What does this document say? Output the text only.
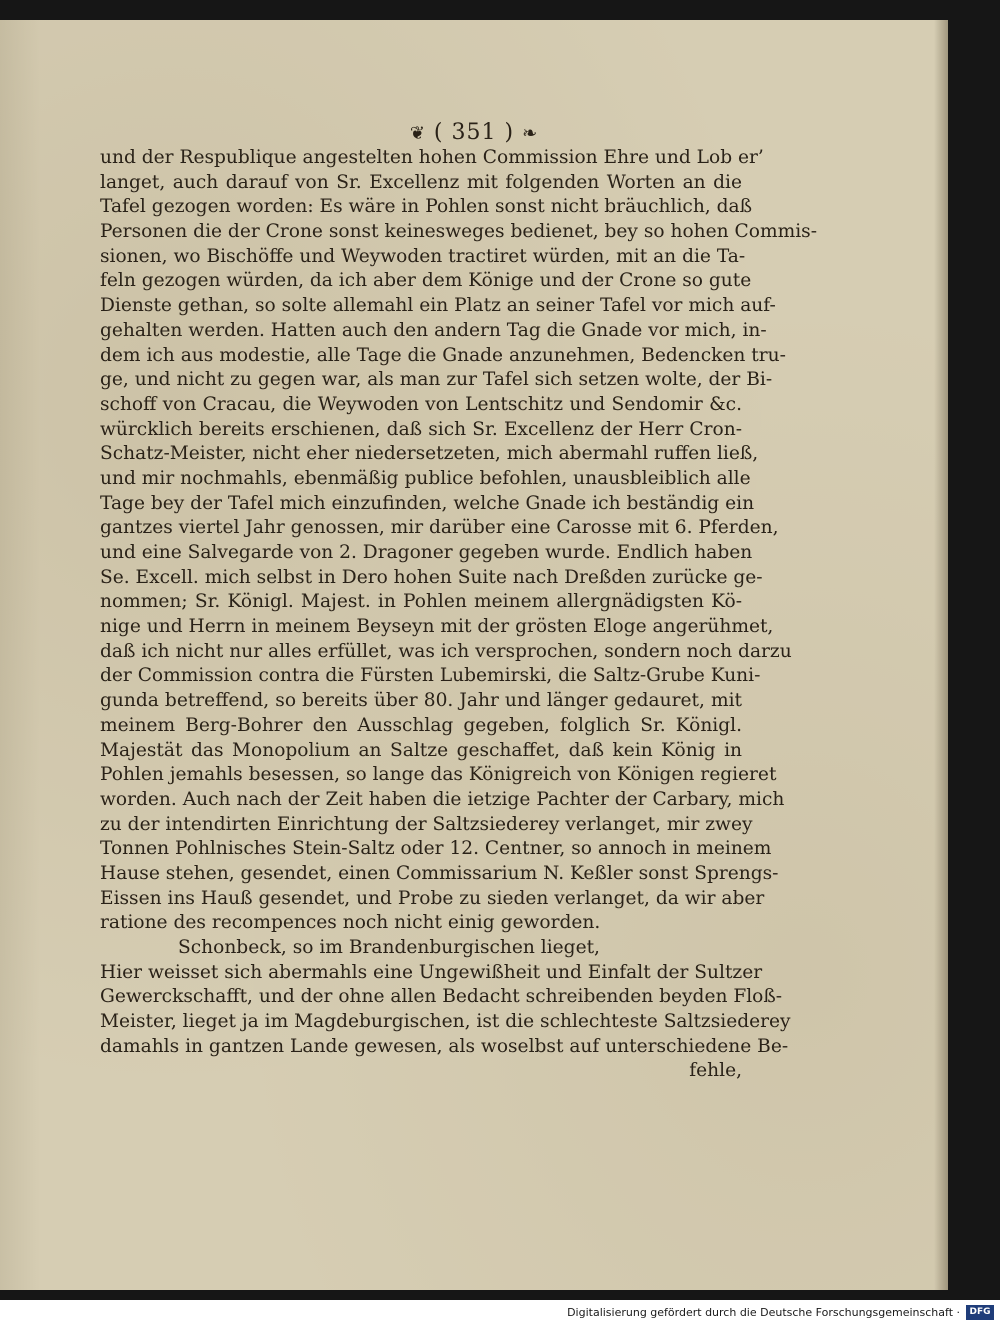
❦ ( 351 ) ❧
und der Respublique angestelten hohen Commission Ehre und Lob er’
langet, auch darauf von Sr. Excellenz mit folgenden Worten an die
Tafel gezogen worden: Es wäre in Pohlen sonst nicht bräuchlich, daß
Personen die der Crone sonst keinesweges bedienet, bey so hohen Commis-
sionen, wo Bischöffe und Weywoden tractiret würden, mit an die Ta-
feln gezogen würden, da ich aber dem Könige und der Crone so gute
Dienste gethan, so solte allemahl ein Platz an seiner Tafel vor mich auf-
gehalten werden. Hatten auch den andern Tag die Gnade vor mich, in-
dem ich aus modestie, alle Tage die Gnade anzunehmen, Bedencken tru-
ge, und nicht zu gegen war, als man zur Tafel sich setzen wolte, der Bi-
schoff von Cracau, die Weywoden von Lentschitz und Sendomir &c.
würcklich bereits erschienen, daß sich Sr. Excellenz der Herr Cron-
Schatz-Meister, nicht eher niedersetzeten, mich abermahl ruffen ließ,
und mir nochmahls, ebenmäßig publice befohlen, unausbleiblich alle
Tage bey der Tafel mich einzufinden, welche Gnade ich beständig ein
gantzes viertel Jahr genossen, mir darüber eine Carosse mit 6. Pferden,
und eine Salvegarde von 2. Dragoner gegeben wurde. Endlich haben
Se. Excell. mich selbst in Dero hohen Suite nach Dreßden zurücke ge-
nommen; Sr. Königl. Majest. in Pohlen meinem allergnädigsten Kö-
nige und Herrn in meinem Beyseyn mit der grösten Eloge angerühmet,
daß ich nicht nur alles erfüllet, was ich versprochen, sondern noch darzu
der Commission contra die Fürsten Lubemirski, die Saltz-Grube Kuni-
gunda betreffend, so bereits über 80. Jahr und länger gedauret, mit
meinem Berg-Bohrer den Ausschlag gegeben, folglich Sr. Königl.
Majestät das Monopolium an Saltze geschaffet, daß kein König in
Pohlen jemahls besessen, so lange das Königreich von Königen regieret
worden. Auch nach der Zeit haben die ietzige Pachter der Carbary, mich
zu der intendirten Einrichtung der Saltzsiederey verlanget, mir zwey
Tonnen Pohlnisches Stein-Saltz oder 12. Centner, so annoch in meinem
Hause stehen, gesendet, einen Commissarium N. Keßler sonst Sprengs-
Eissen ins Hauß gesendet, und Probe zu sieden verlanget, da wir aber
ratione des recompences noch nicht einig geworden.
Schonbeck, so im Brandenburgischen lieget,
Hier weisset sich abermahls eine Ungewißheit und Einfalt der Sultzer
Gewerckschafft, und der ohne allen Bedacht schreibenden beyden Floß-
Meister, lieget ja im Magdeburgischen, ist die schlechteste Saltzsiederey
damahls in gantzen Lande gewesen, als woselbst auf unterschiedene Be-
fehle,
Digitalisierung gefördert durch die Deutsche Forschungsgemeinschaft ·	DFG
